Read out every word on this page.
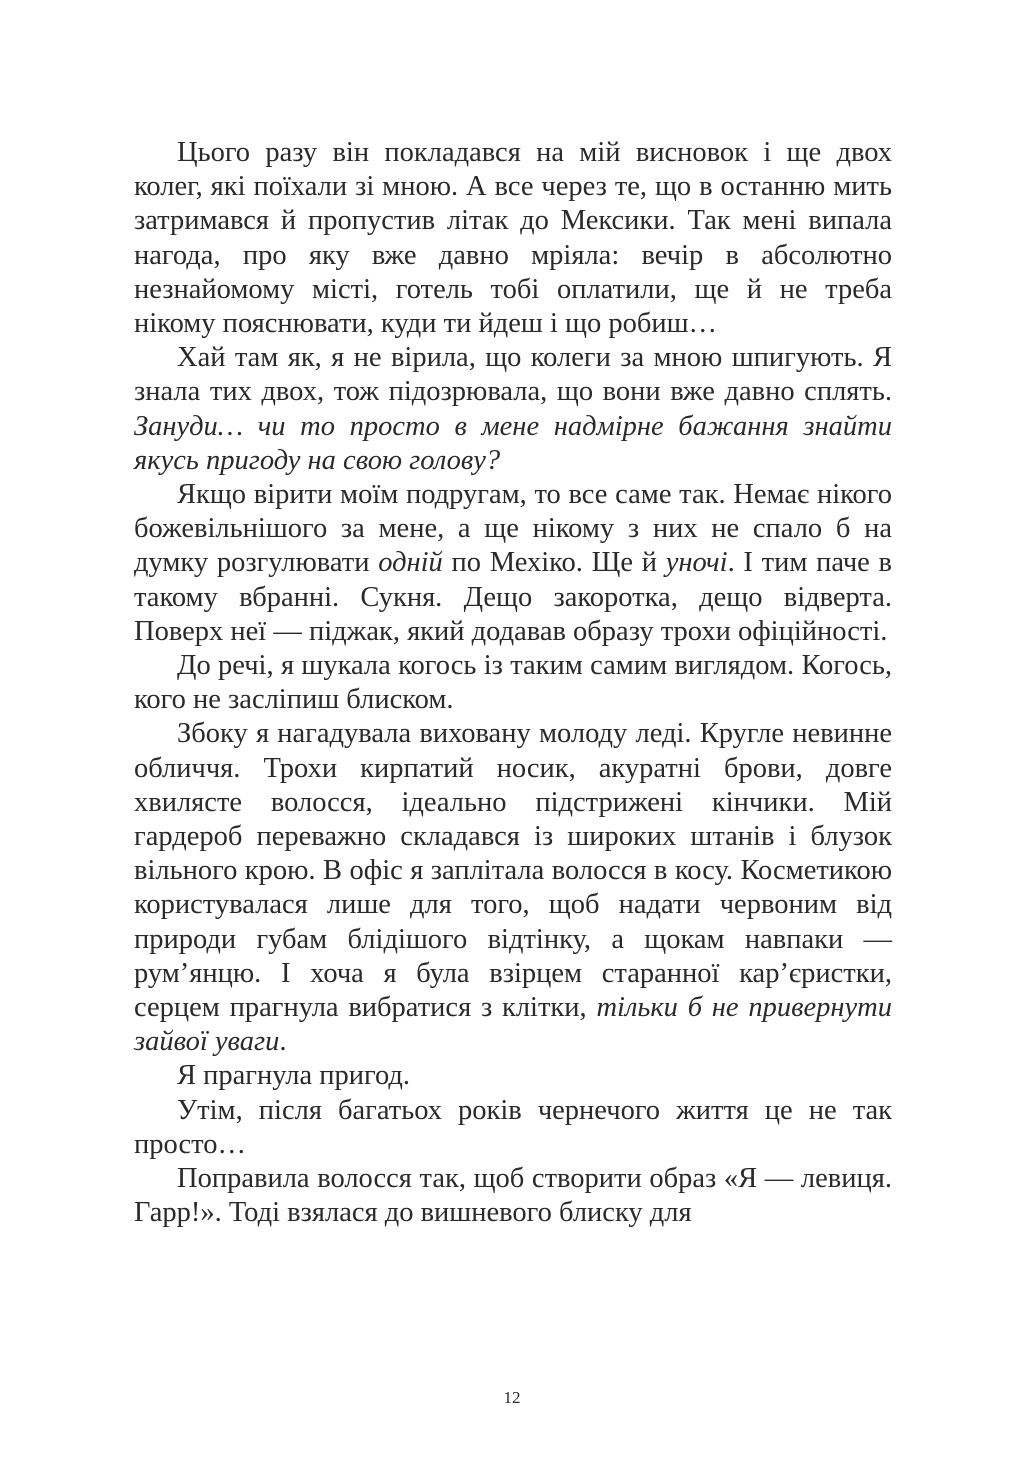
Цього разу він покладався на мій висновок і ще двох колег, які поїхали зі мною. А все через те, що в останню мить затримався й пропустив літак до Мексики. Так мені випала нагода, про яку вже давно мріяла: вечір в абсолютно незнайомому місті, готель тобі оплатили, ще й не треба нікому пояснювати, куди ти йдеш і що робиш…

Хай там як, я не вірила, що колеги за мною шпигують. Я знала тих двох, тож підозрювала, що вони вже давно сплять. Зануди… чи то просто в мене надмірне бажання знайти якусь пригоду на свою голову?

Якщо вірити моїм подругам, то все саме так. Немає нікого божевільнішого за мене, а ще нікому з них не спало б на думку розгулювати одній по Мехіко. Ще й уночі. І тим паче в такому вбранні. Сукня. Дещо закоротка, дещо відверта. Поверх неї — піджак, який додавав образу трохи офіційності.

До речі, я шукала когось із таким самим виглядом. Когось, кого не засліпиш блиском.

Збоку я нагадувала виховану молоду леді. Кругле невинне обличчя. Трохи кирпатий носик, акуратні брови, довге хвилясте волосся, ідеально підстрижені кінчики. Мій гардероб переважно складався із широких штанів і блузок вільного крою. В офіс я заплітала волосся в косу. Косметикою користувалася лише для того, щоб надати червоним від природи губам блідішого відтінку, а щокам навпаки — рум’янцю. І хоча я була взірцем старанної кар’єристки, серцем прагнула вибратися з клітки, тільки б не привернути зайвої уваги.

Я прагнула пригод.

Утім, після багатьох років чернечого життя це не так просто…

Поправила волосся так, щоб створити образ «Я — левиця. Гарр!». Тоді взялася до вишневого блиску для

12
